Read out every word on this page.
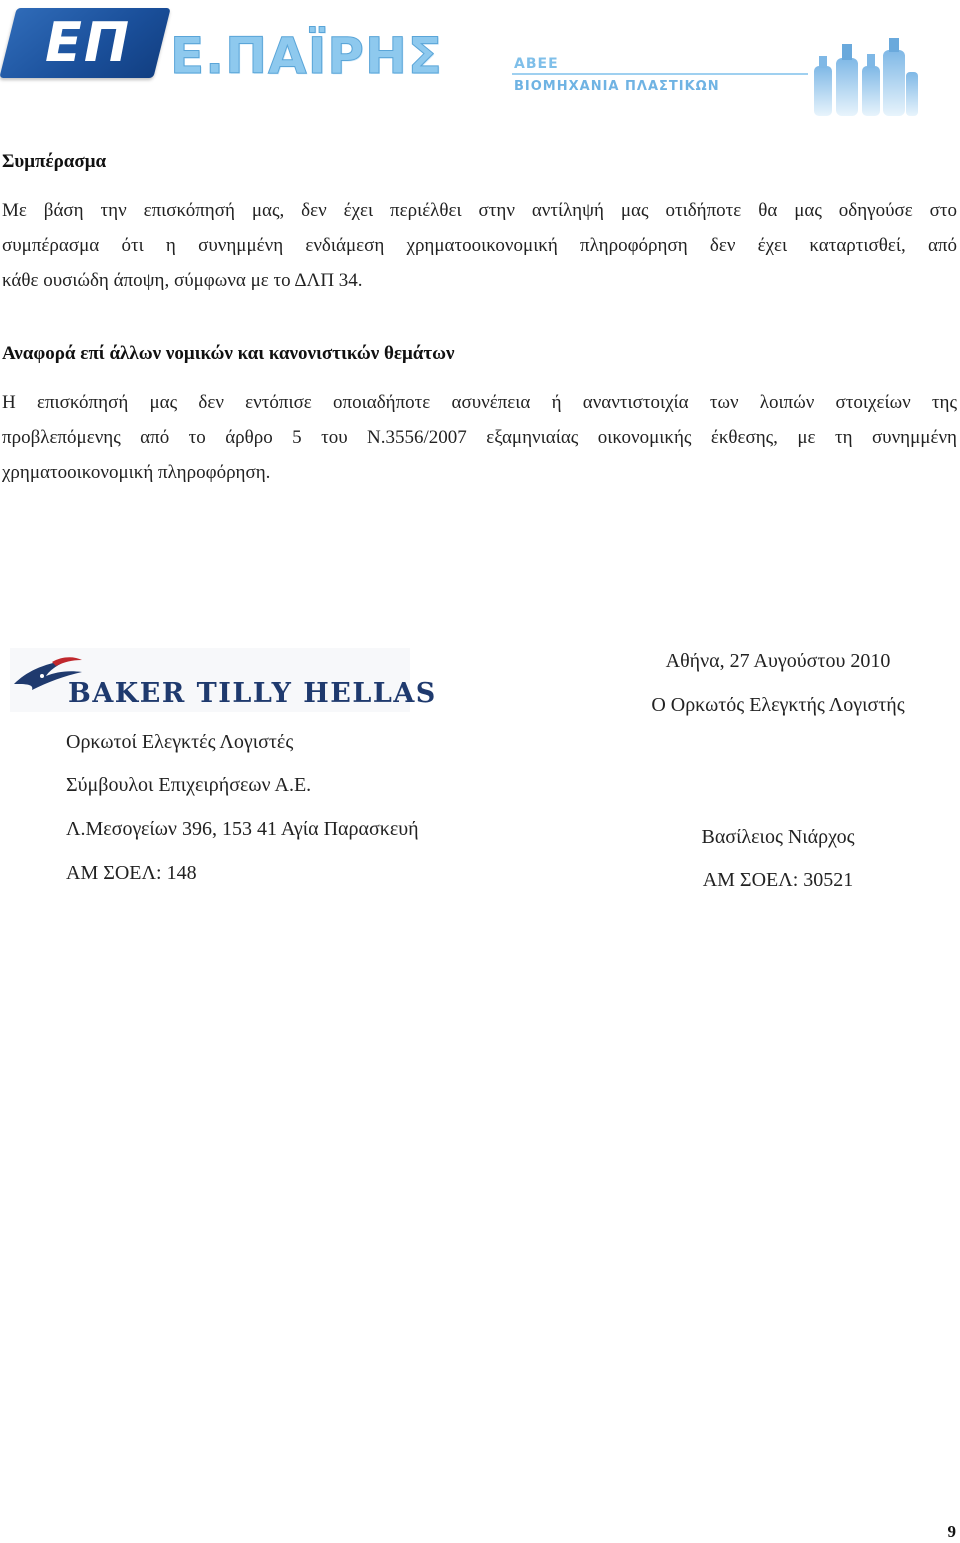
ΕΠ Ε.ΠΑΪΡΗΣ	ΑΒΕΕ
ΒΙΟΜΗΧΑΝΙΑ ΠΛΑΣΤΙΚΩΝ
Συμπέρασμα
Με βάση την επισκόπησή μας, δεν έχει περιέλθει στην αντίληψή μας οτιδήποτε θα μας οδηγούσε στο
συμπέρασμα ότι η συνημμένη ενδιάμεση χρηματοοικονομική πληροφόρηση δεν έχει καταρτισθεί, από
κάθε ουσιώδη άποψη, σύμφωνα με το ΔΛΠ 34.
Αναφορά επί άλλων νομικών και κανονιστικών θεμάτων
Η επισκόπησή μας δεν εντόπισε οποιαδήποτε ασυνέπεια ή αναντιστοιχία των λοιπών στοιχείων της
προβλεπόμενης από το άρθρο 5 του Ν.3556/2007 εξαμηνιαίας οικονομικής έκθεσης, με τη συνημμένη
χρηματοοικονομική πληροφόρηση.
BAKER TILLY HELLAS
Ορκωτοί Ελεγκτές Λογιστές
Σύμβουλοι Επιχειρήσεων Α.Ε.
Λ.Μεσογείων 396, 153 41 Αγία Παρασκευή
ΑΜ ΣΟΕΛ: 148
Αθήνα, 27 Αυγούστου 2010
Ο Ορκωτός Ελεγκτής Λογιστής
Βασίλειος Νιάρχος
ΑΜ ΣΟΕΛ: 30521
9
